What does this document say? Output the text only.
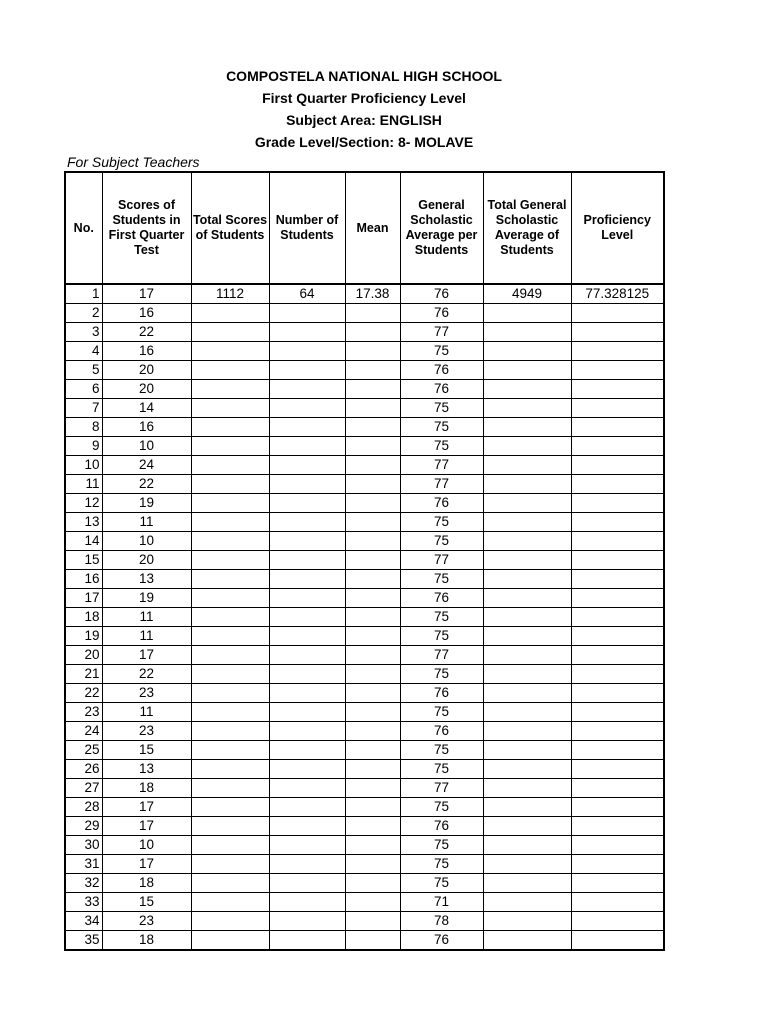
COMPOSTELA NATIONAL HIGH SCHOOL
First Quarter Proficiency Level
Subject Area: ENGLISH
Grade Level/Section: 8- MOLAVE
For Subject Teachers
No.	Scores of Students in First Quarter Test	Total Scores of Students	Number of Students	Mean	General Scholastic Average per Students	Total General Scholastic Average of Students	Proficiency Level
1	17	1112	64	17.38	76	4949	77.328125
2	16				76		
3	22				77		
4	16				75		
5	20				76		
6	20				76		
7	14				75		
8	16				75		
9	10				75		
10	24				77		
11	22				77		
12	19				76		
13	11				75		
14	10				75		
15	20				77		
16	13				75		
17	19				76		
18	11				75		
19	11				75		
20	17				77		
21	22				75		
22	23				76		
23	11				75		
24	23				76		
25	15				75		
26	13				75		
27	18				77		
28	17				75		
29	17				76		
30	10				75		
31	17				75		
32	18				75		
33	15				71		
34	23				78		
35	18				76		
